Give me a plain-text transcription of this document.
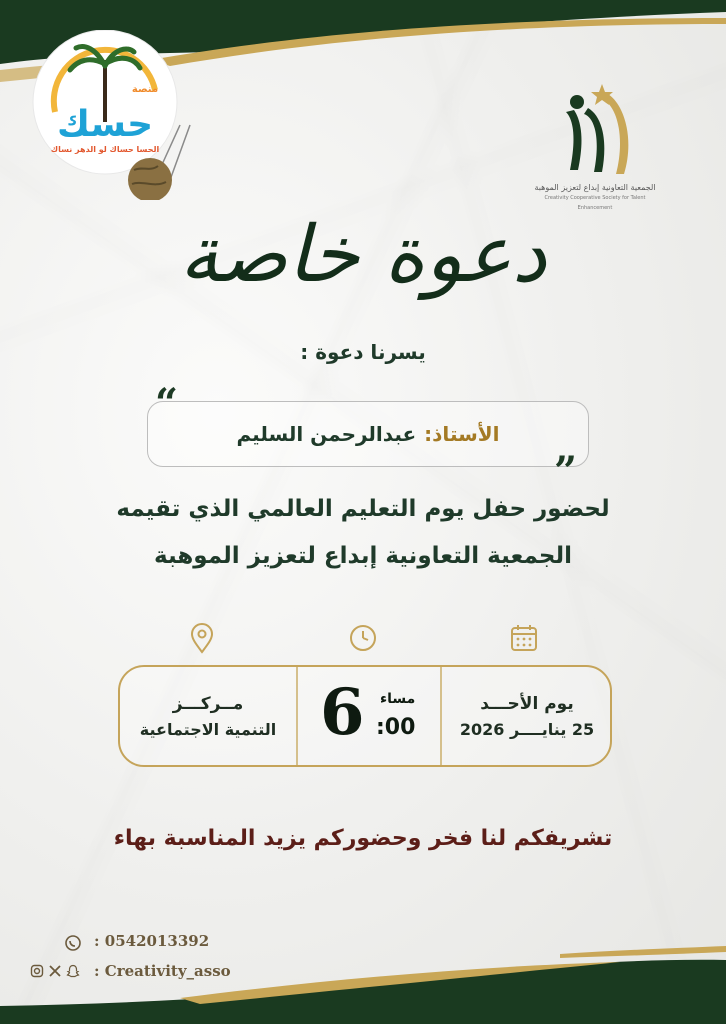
حسك
منصة
الحسا حساك لو الدهر نساك
الجمعية التعاونية إبداع لتعزيز الموهبة
Creativity Cooperative Society for Talent Enhancement
دعوة خاصة
يسرنا دعوة :
“
الأستاذ:
عبدالرحمن السليم
”
لحضور حفل يوم التعليم العالمي الذي تقيمه
الجمعية التعاونية إبداع لتعزيز الموهبة
يوم الأحـــد
25 ينايــــر 2026
6 مساء
:00
مــركـــز
التنمية الاجتماعية
تشريفكم لنا فخر وحضوركم يزيد المناسبة بهاء
: 0542013392
: Creativity_asso
